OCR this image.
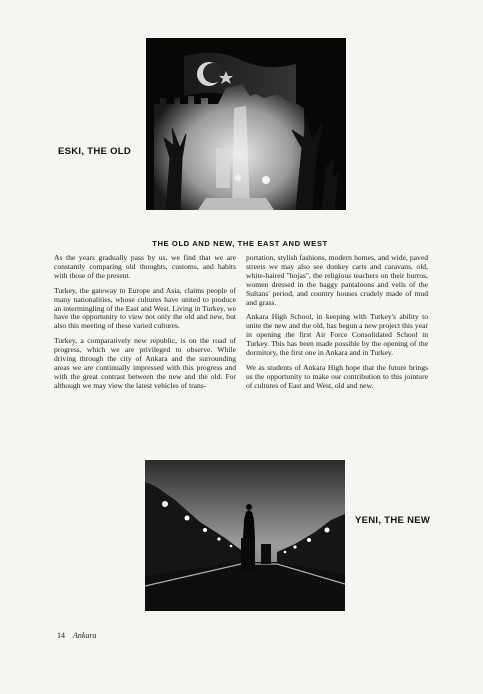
ESKI, THE OLD
THE OLD AND NEW, THE EAST AND WEST

As the years gradually pass by us, we find that we are constantly comparing old thoughts, customs, and habits with those of the present.

Turkey, the gateway to Europe and Asia, claims people of many nationalities, whose cultures have united to produce an intermingling of the East and West. Living in Turkey, we have the opportunity to view not only the old and new, but also this meeting of these varied cultures.

Turkey, a comparatively new republic, is on the road of progress, which we are privileged to observe. While driving through the city of Ankara and the surrounding areas we are continually impressed with this progress and with the great contrast between the new and the old. For although we may view the latest vehicles of trans-

portation, stylish fashions, modern homes, and wide, paved streets we may also see donkey carts and caravans, old, white-haired "hojas", the religious teachers on their burros, women dressed in the baggy pantaloons and veils of the Sultans' period, and country houses crudely made of mud and grass.

Ankara High School, in keeping with Turkey's ability to unite the new and the old, has begun a new project this year in opening the first Air Force Consolidated School in Turkey. This has been made possible by the opening of the dormitory, the first one in Ankara and in Turkey.

We as students of Ankara High hope that the future brings us the opportunity to make our contribution to this jointure of cultures of East and West, old and new.

YENI, THE NEW
14 Ankara
